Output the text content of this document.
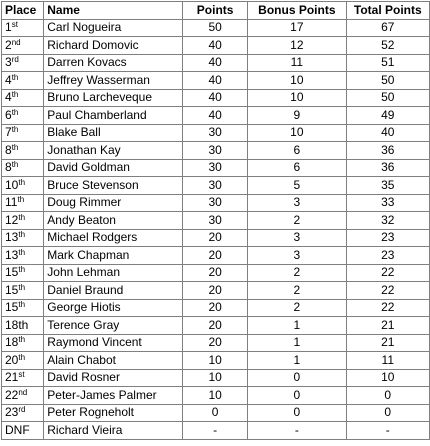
Place	Name	Points	Bonus Points	Total Points
1st	Carl Nogueira	50	17	67
2nd	Richard Domovic	40	12	52
3rd	Darren Kovacs	40	11	51
4th	Jeffrey Wasserman	40	10	50
4th	Bruno Larcheveque	40	10	50
6th	Paul Chamberland	40	9	49
7th	Blake Ball	30	10	40
8th	Jonathan Kay	30	6	36
8th	David Goldman	30	6	36
10th	Bruce Stevenson	30	5	35
11th	Doug Rimmer	30	3	33
12th	Andy Beaton	30	2	32
13th	Michael Rodgers	20	3	23
13th	Mark Chapman	20	3	23
15th	John Lehman	20	2	22
15th	Daniel Braund	20	2	22
15th	George Hiotis	20	2	22
18th	Terence Gray	20	1	21
18th	Raymond Vincent	20	1	21
20th	Alain Chabot	10	1	11
21st	David Rosner	10	0	10
22nd	Peter-James Palmer	10	0	0
23rd	Peter Rogneholt	0	0	0
DNF	Richard Vieira	-	-	-
